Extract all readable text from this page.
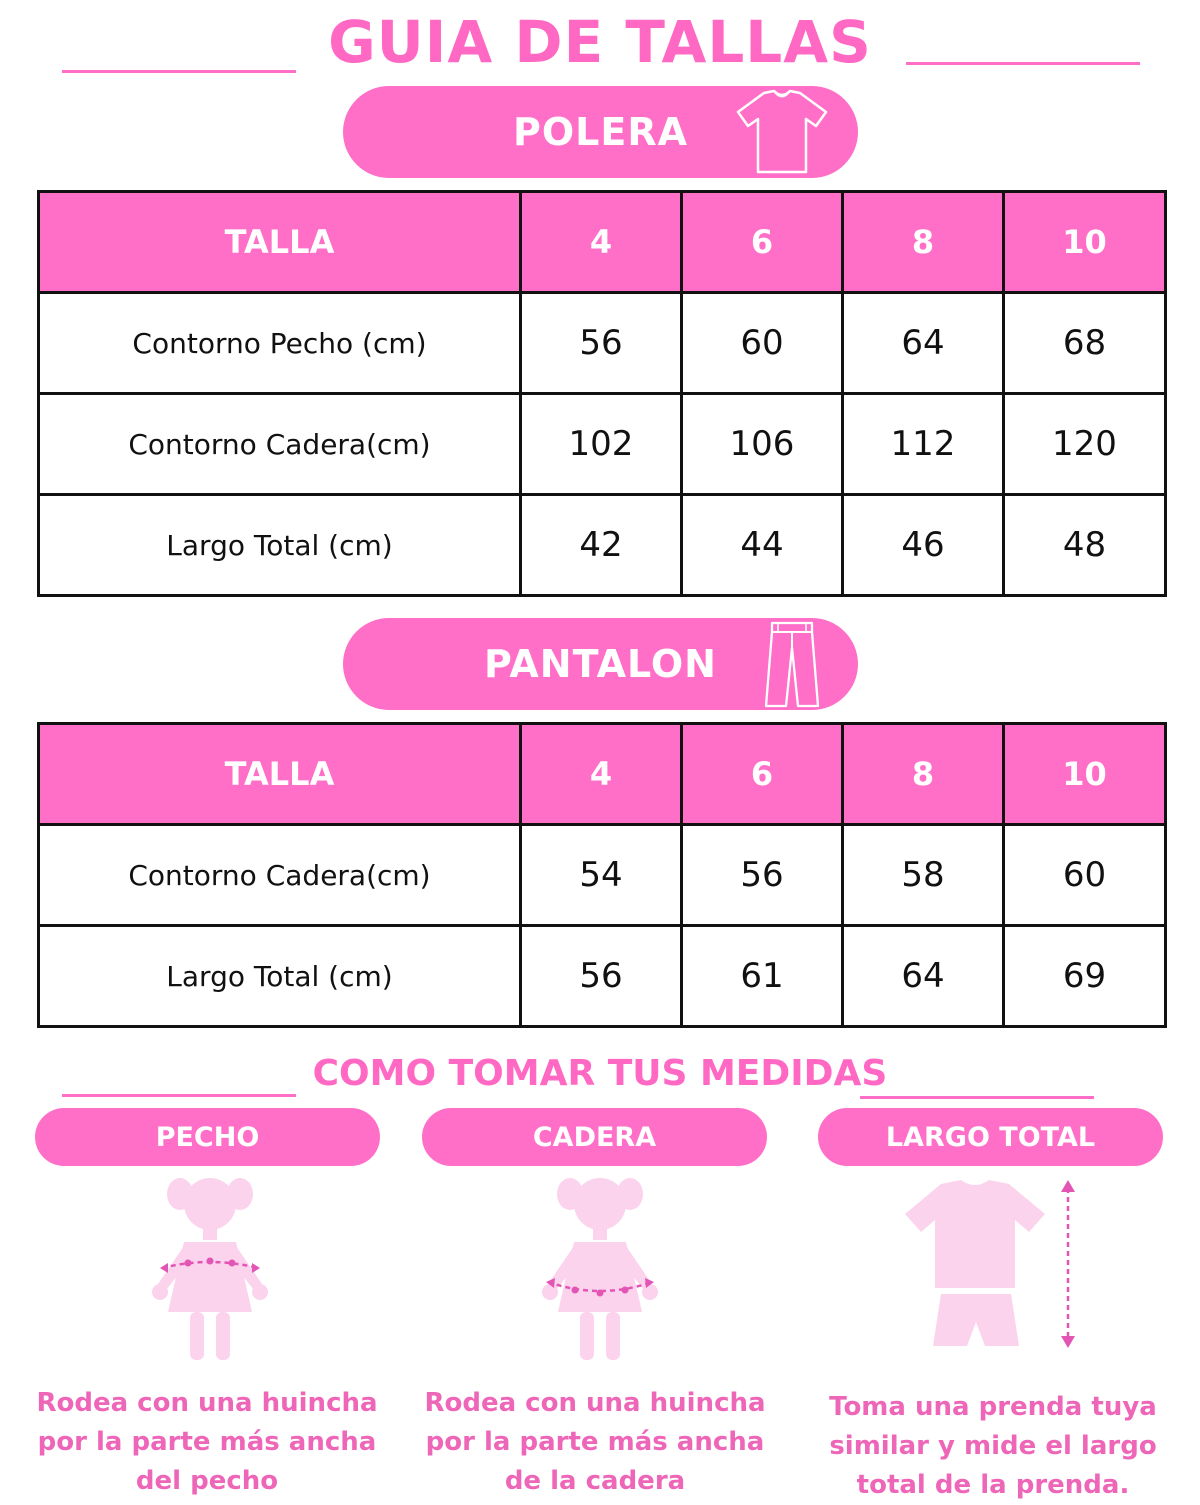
GUIA DE TALLAS
POLERA
TALLA	4	6	8	10
Contorno Pecho (cm)	56	60	64	68
Contorno Cadera(cm)	102	106	112	120
Largo Total (cm)	42	44	46	48
PANTALON
TALLA	4	6	8	10
Contorno Cadera(cm)	54	56	58	60
Largo Total (cm)	56	61	64	69
COMO TOMAR TUS MEDIDAS
PECHO	CADERA	LARGO TOTAL
Rodea con una huincha
por la parte más ancha
del pecho
Rodea con una huincha
por la parte más ancha
de la cadera
Toma una prenda tuya
similar y mide el largo
total de la prenda.
